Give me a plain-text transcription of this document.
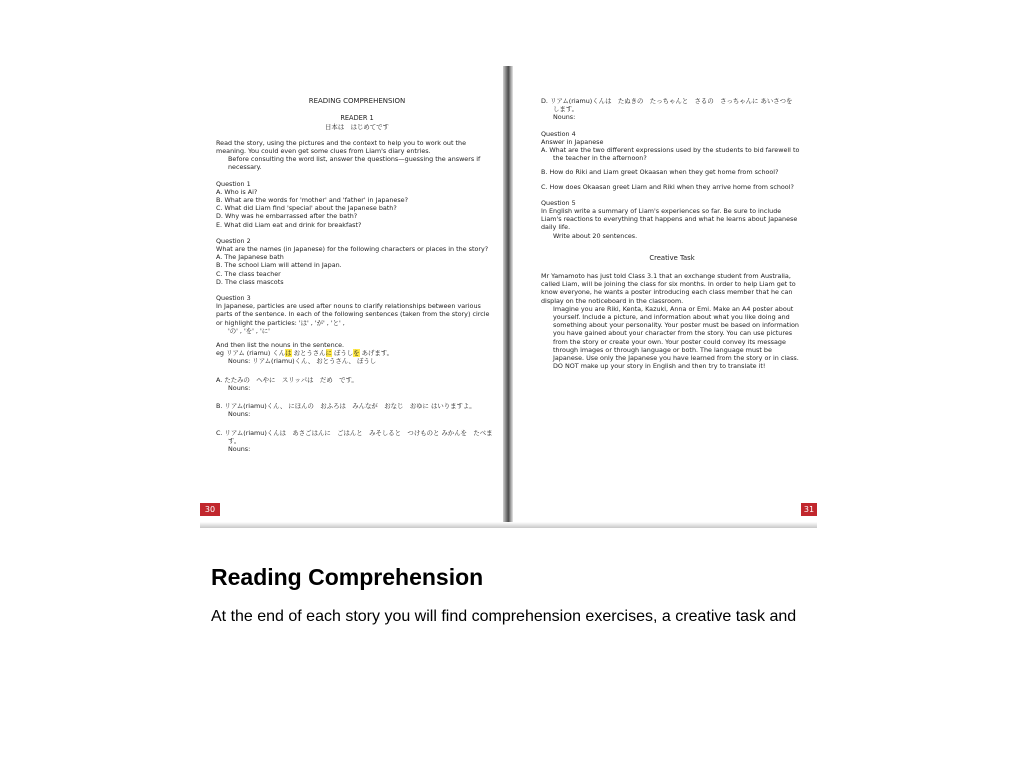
READING COMPREHENSION

READER 1

日本は　はじめてです

Read the story, using the pictures and the context to help you to work out the meaning. You could even get some clues from Liam's diary entries.

Before consulting the word list, answer the questions—guessing the answers if necessary.

Question 1

A. Who is Ai?

B. What are the words for 'mother' and 'father' in Japanese?

C. What did Liam find 'special' about the Japanese bath?

D. Why was he embarrassed after the bath?

E. What did Liam eat and drink for breakfast?

Question 2

What are the names (in Japanese) for the following characters or places in the story?

A. The Japanese bath

B. The school Liam will attend in Japan.

C. The class teacher

D. The class mascots

Question 3

In Japanese, particles are used after nouns to clarify relationships between various parts of the sentence. In each of the following sentences (taken from the story) circle or highlight the particles: 'は' , 'が' , 'と' ,

'の' , 'を' , 'に'

And then list the nouns in the sentence.

eg リアム (riamu) くんは おとうさんに ぼうしを あげます。

Nouns: リアム(riamu)くん、 おとうさん、 ぼうし

A. たたみの　へやに　スリッパは　だめ　です。

Nouns:

B. リアム(riamu)くん、 にほんの　おふろは　みんなが　おなじ　おゆに はいりますよ。

Nouns:

C. リアム(riamu)くんは　あさごはんに　ごはんと　みそしると　つけものと みかんを　たべます。

Nouns:

D. リアム(riamu)くんは　たぬきの　たっちゃんと　さるの　さっちゃんに あいさつを　します。

Nouns:

Question 4

Answer in Japanese

A. What are the two different expressions used by the students to bid farewell to the teacher in the afternoon?

B. How do Riki and Liam greet Okaasan when they get home from school?

C. How does Okaasan greet Liam and Riki when they arrive home from school?

Question 5

In English write a summary of Liam's experiences so far. Be sure to include Liam's reactions to everything that happens and what he learns about Japanese daily life.

Write about 20 sentences.

Creative Task

Mr Yamamoto has just told Class 3.1 that an exchange student from Australia, called Liam, will be joining the class for six months. In order to help Liam get to know everyone, he wants a poster introducing each class member that he can display on the noticeboard in the classroom.

Imagine you are Riki, Kenta, Kazuki, Anna or Emi. Make an A4 poster about yourself. Include a picture, and information about what you like doing and something about your personality. Your poster must be based on information you have gained about your character from the story. You can use pictures from the story or create your own. Your poster could convey its message through images or through language or both. The language must be Japanese. Use only the Japanese you have learned from the story or in class. DO NOT make up your story in English and then try to translate it!

30	31
Reading Comprehension
At the end of each story you will find comprehension exercises, a creative task and
